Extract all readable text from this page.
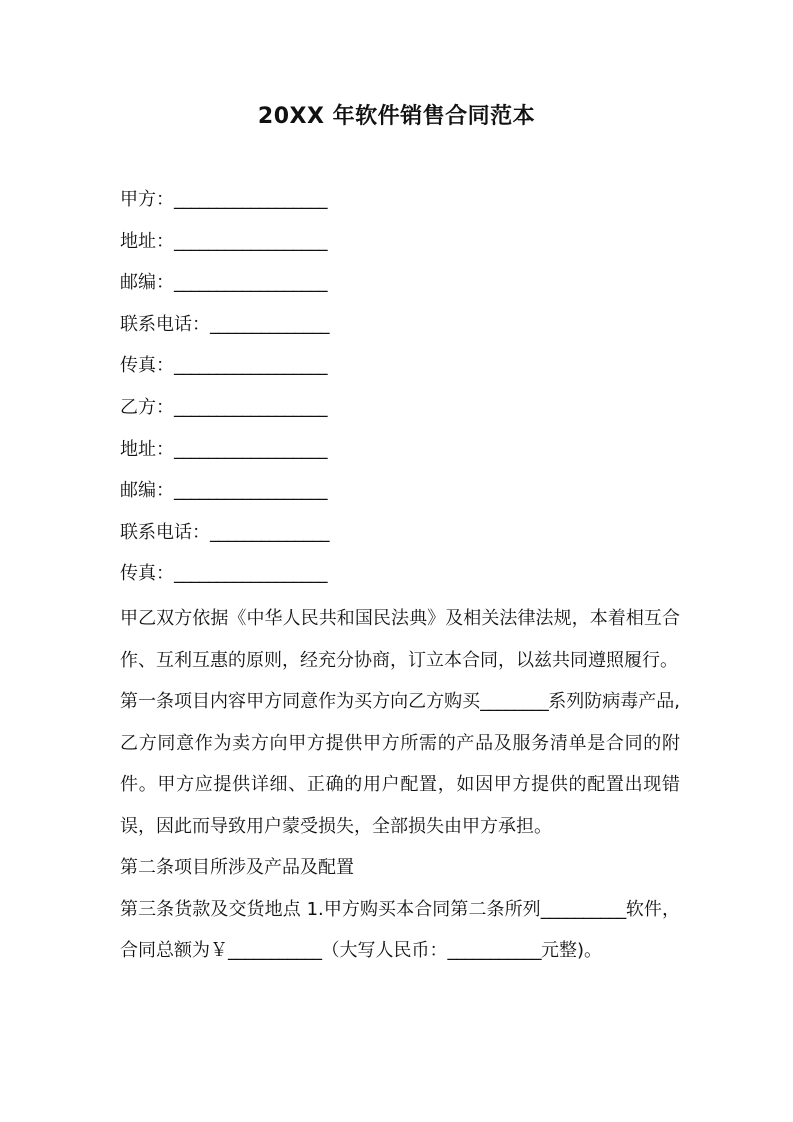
20XX 年软件销售合同范本
甲方：__________________
地址：__________________
邮编：__________________
联系电话：______________
传真：__________________
乙方：__________________
地址：__________________
邮编：__________________
联系电话：______________
传真：__________________

甲乙双方依据《中华人民共和国民法典》及相关法律法规，本着相互合作、互利互惠的原则，经充分协商，订立本合同，以兹共同遵照履行。

第一条项目内容甲方同意作为买方向乙方购买________系列防病毒产品, 乙方同意作为卖方向甲方提供甲方所需的产品及服务清单是合同的附件。甲方应提供详细、正确的用户配置，如因甲方提供的配置出现错误，因此而导致用户蒙受损失，全部损失由甲方承担。

第二条项目所涉及产品及配置

第三条货款及交货地点 1.甲方购买本合同第二条所列__________软件，合同总额为￥___________（大写人民币：___________元整)。
